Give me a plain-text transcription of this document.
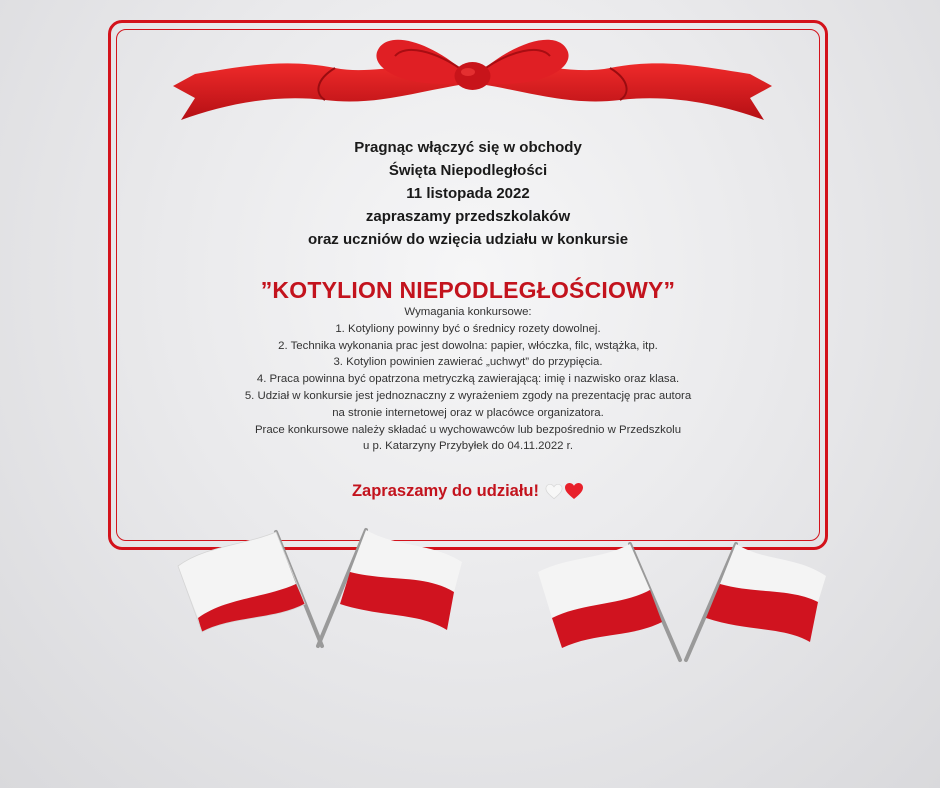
Pragnąc włączyć się w obchody
Święta Niepodległości
11 listopada 2022
zapraszamy przedszkolaków
oraz uczniów do wzięcia udziału w konkursie
”KOTYLION NIEPODLEGŁOŚCIOWY”
Wymagania konkursowe:
1. Kotyliony powinny być o średnicy rozety dowolnej.
2. Technika wykonania prac jest dowolna: papier, włóczka, filc, wstążka, itp.
3. Kotylion powinien zawierać „uchwyt” do przypięcia.
4. Praca powinna być opatrzona metryczką zawierającą: imię i nazwisko oraz klasa.
5. Udział w konkursie jest jednoznaczny z wyrażeniem zgody na prezentację prac autora
na stronie internetowej oraz w placówce organizatora.
Prace konkursowe należy składać u wychowawców lub bezpośrednio w Przedszkolu
u p. Katarzyny Przybyłek do 04.11.2022 r.
Zapraszamy do udziału!
